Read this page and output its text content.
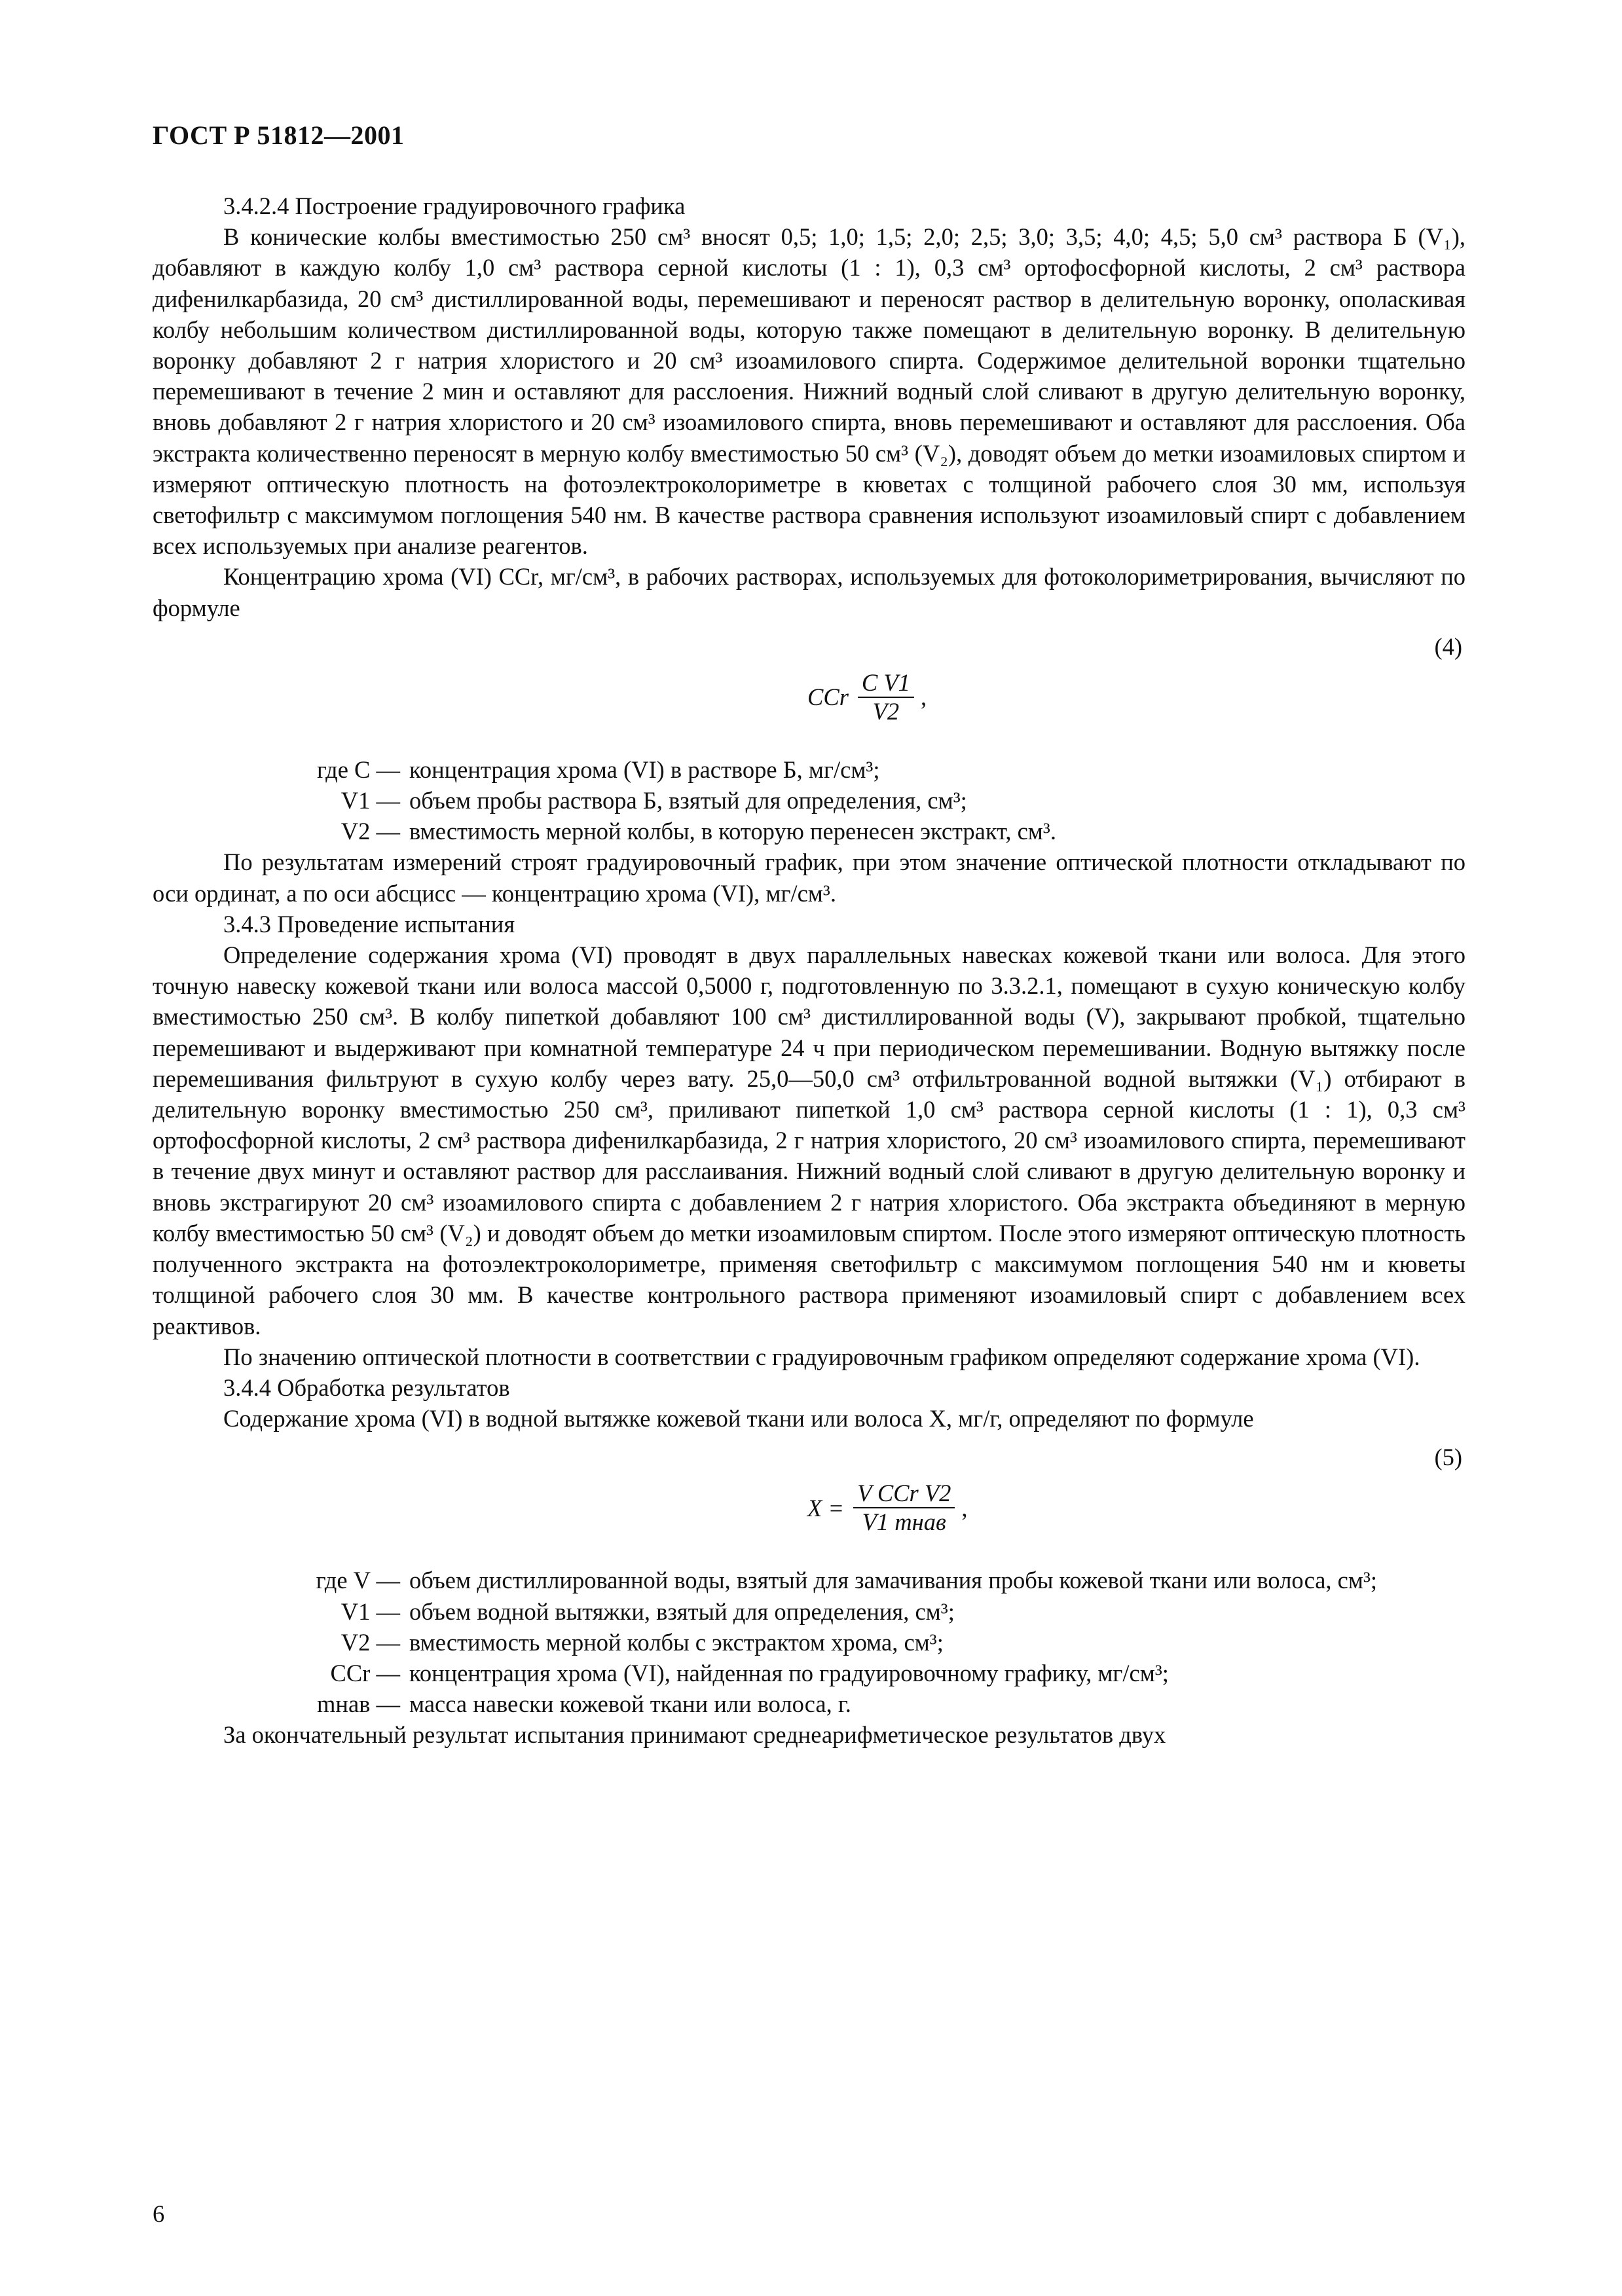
ГОСТ Р 51812—2001

3.4.2.4 Построение градуировочного графика

В конические колбы вместимостью 250 см³ вносят 0,5; 1,0; 1,5; 2,0; 2,5; 3,0; 3,5; 4,0; 4,5; 5,0 см³ раствора Б (V₁), добавляют в каждую колбу 1,0 см³ раствора серной кислоты (1 : 1), 0,3 см³ ортофосфорной кислоты, 2 см³ раствора дифенилкарбазида, 20 см³ дистиллированной воды, перемешивают и переносят раствор в делительную воронку, ополаскивая колбу небольшим количеством дистиллированной воды, которую также помещают в делительную воронку. В делительную воронку добавляют 2 г натрия хлористого и 20 см³ изоамилового спирта. Содержимое делительной воронки тщательно перемешивают в течение 2 мин и оставляют для расслоения. Нижний водный слой сливают в другую делительную воронку, вновь добавляют 2 г натрия хлористого и 20 см³ изоамилового спирта, вновь перемешивают и оставляют для расслоения. Оба экстракта количественно переносят в мерную колбу вместимостью 50 см³ (V₂), доводят объем до метки изоамиловых спиртом и измеряют оптическую плотность на фотоэлектроколориметре в кюветах с толщиной рабочего слоя 30 мм, используя светофильтр с максимумом поглощения 540 нм. В качестве раствора сравнения используют изоамиловый спирт с добавлением всех используемых при анализе реагентов.

Концентрацию хрома (VI) CCr, мг/см³, в рабочих растворах, используемых для фотоколориметрирования, вычисляют по формуле

CCr $\frac{\text{C V1}}{V2}$ ,
(4)
где C — концентрация хрома (VI) в растворе Б, мг/см³;
V1 — объем пробы раствора Б, взятый для определения, см³;
V2 — вместимость мерной колбы, в которую перенесен экстракт, см³.

По результатам измерений строят градуировочный график, при этом значение оптической плотности откладывают по оси ординат, а по оси абсцисс — концентрацию хрома (VI), мг/см³.

3.4.3 Проведение испытания

Определение содержания хрома (VI) проводят в двух параллельных навесках кожевой ткани или волоса. Для этого точную навеску кожевой ткани или волоса массой 0,5000 г, подготовленную по 3.3.2.1, помещают в сухую коническую колбу вместимостью 250 см³. В колбу пипеткой добавляют 100 см³ дистиллированной воды (V), закрывают пробкой, тщательно перемешивают и выдерживают при комнатной температуре 24 ч при периодическом перемешивании. Водную вытяжку после перемешивания фильтруют в сухую колбу через вату. 25,0—50,0 см³ отфильтрованной водной вытяжки (V₁) отбирают в делительную воронку вместимостью 250 см³, приливают пипеткой 1,0 см³ раствора серной кислоты (1 : 1), 0,3 см³ ортофосфорной кислоты, 2 см³ раствора дифенилкарбазида, 2 г натрия хлористого, 20 см³ изоамилового спирта, перемешивают в течение двух минут и оставляют раствор для расслаивания. Нижний водный слой сливают в другую делительную воронку и вновь экстрагируют 20 см³ изоамилового спирта с добавлением 2 г натрия хлористого. Оба экстракта объединяют в мерную колбу вместимостью 50 см³ (V₂) и доводят объем до метки изоамиловым спиртом. После этого измеряют оптическую плотность полученного экстракта на фотоэлектроколориметре, применяя светофильтр с максимумом поглощения 540 нм и кюветы толщиной рабочего слоя 30 мм. В качестве контрольного раствора применяют изоамиловый спирт с добавлением всех реактивов.

По значению оптической плотности в соответствии с градуировочным графиком определяют содержание хрома (VI).

3.4.4 Обработка результатов

Содержание хрома (VI) в водной вытяжке кожевой ткани или волоса X, мг/г, определяют по формуле

$X = \frac{\text{V CCr V2}}{\text{V1 mнав}}$ ,
(5)
где V — объем дистиллированной воды, взятый для замачивания пробы кожевой ткани или волоса, см³;
V1 — объем водной вытяжки, взятый для определения, см³;
V2 — вместимость мерной колбы с экстрактом хрома, см³;
CCr — концентрация хрома (VI), найденная по градуировочному графику, мг/см³;
mнав — масса навески кожевой ткани или волоса, г.

За окончательный результат испытания принимают среднеарифметическое результатов двух

6
